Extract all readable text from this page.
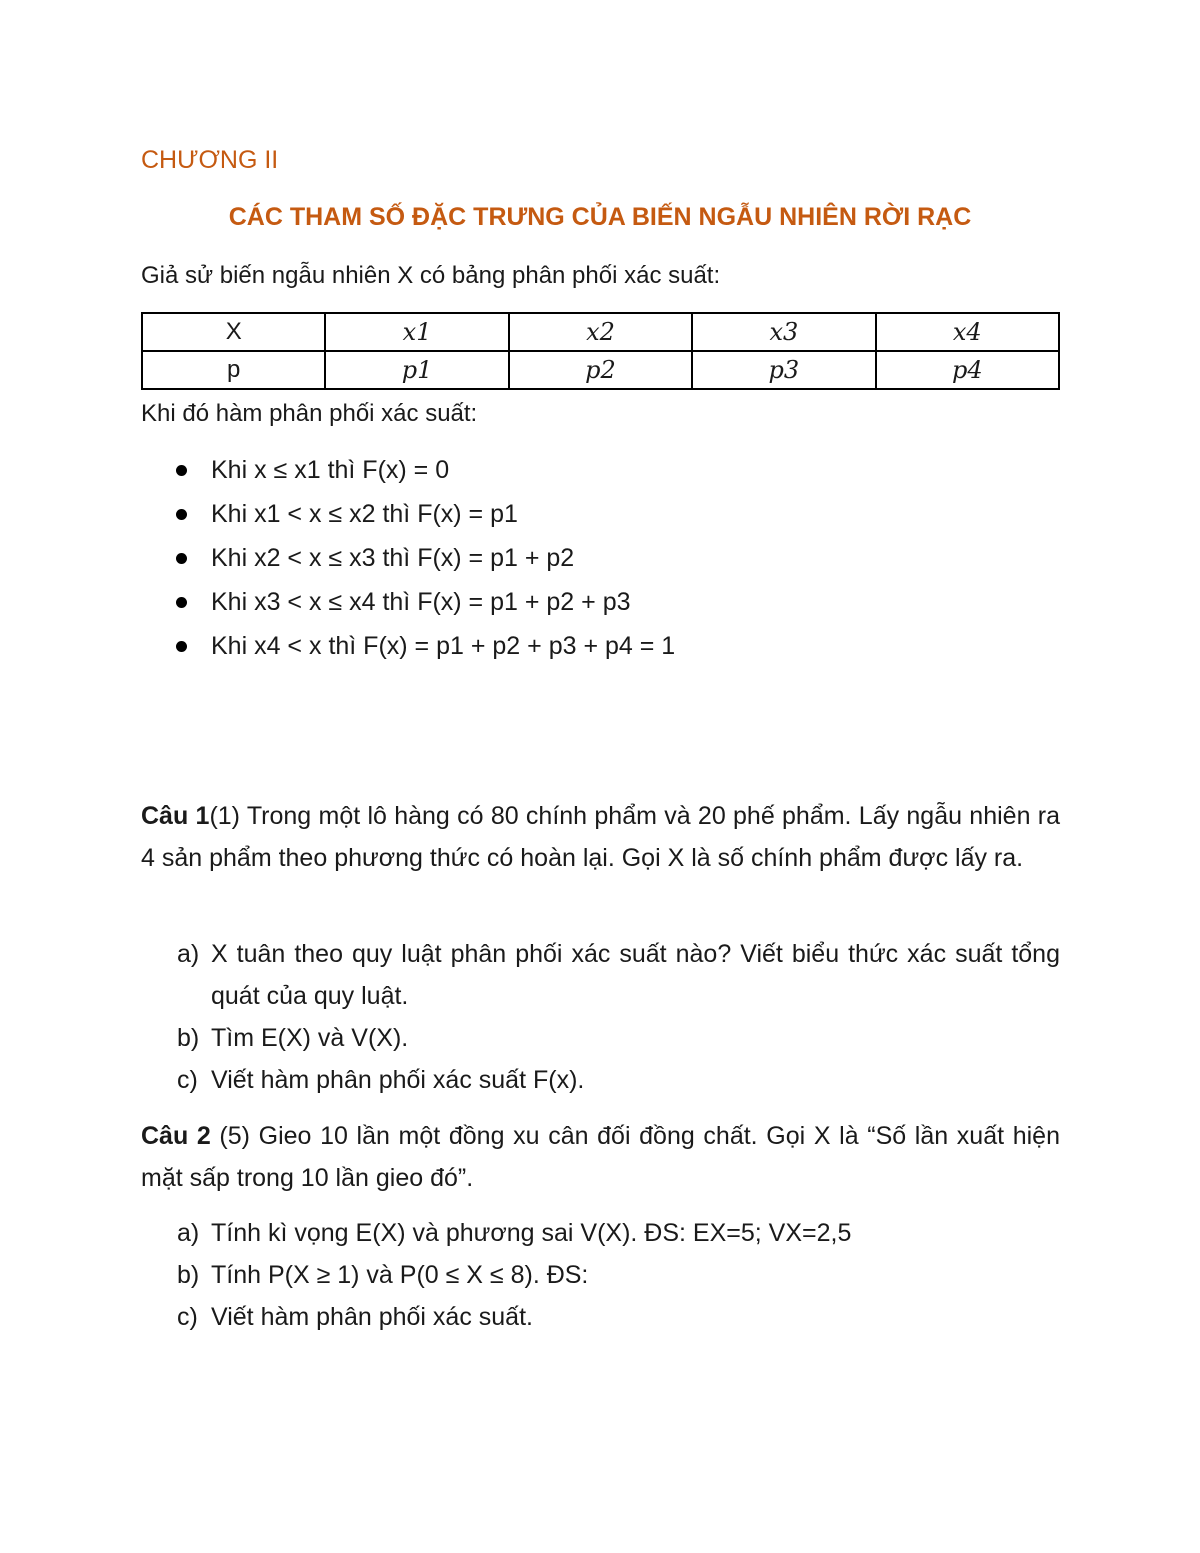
CHƯƠNG II
CÁC THAM SỐ ĐẶC TRƯNG CỦA BIẾN NGẪU NHIÊN RỜI RẠC
Giả sử biến ngẫu nhiên X có bảng phân phối xác suất:
X	x1	x2	x3	x4
p	p1	p2	p3	p4
Khi đó hàm phân phối xác suất:
Khi x ≤ x1 thì F(x) = 0
Khi x1 < x ≤ x2 thì F(x) = p1
Khi x2 < x ≤ x3 thì F(x) = p1 + p2
Khi x3 < x ≤ x4 thì F(x) = p1 + p2 + p3
Khi x4 < x thì F(x) = p1 + p2 + p3 + p4 = 1
Câu 1(1) Trong một lô hàng có 80 chính phẩm và 20 phế phẩm. Lấy ngẫu nhiên ra 4 sản phẩm theo phương thức có hoàn lại. Gọi X là số chính phẩm được lấy ra.
a) X tuân theo quy luật phân phối xác suất nào? Viết biểu thức xác suất tổng quát của quy luật.
b) Tìm E(X) và V(X).
c) Viết hàm phân phối xác suất F(x).
Câu 2 (5) Gieo 10 lần một đồng xu cân đối đồng chất. Gọi X là “Số lần xuất hiện mặt sấp trong 10 lần gieo đó”.
a) Tính kì vọng E(X) và phương sai V(X). ĐS: EX=5; VX=2,5
b) Tính P(X ≥ 1) và P(0 ≤ X ≤ 8). ĐS:
c) Viết hàm phân phối xác suất.
